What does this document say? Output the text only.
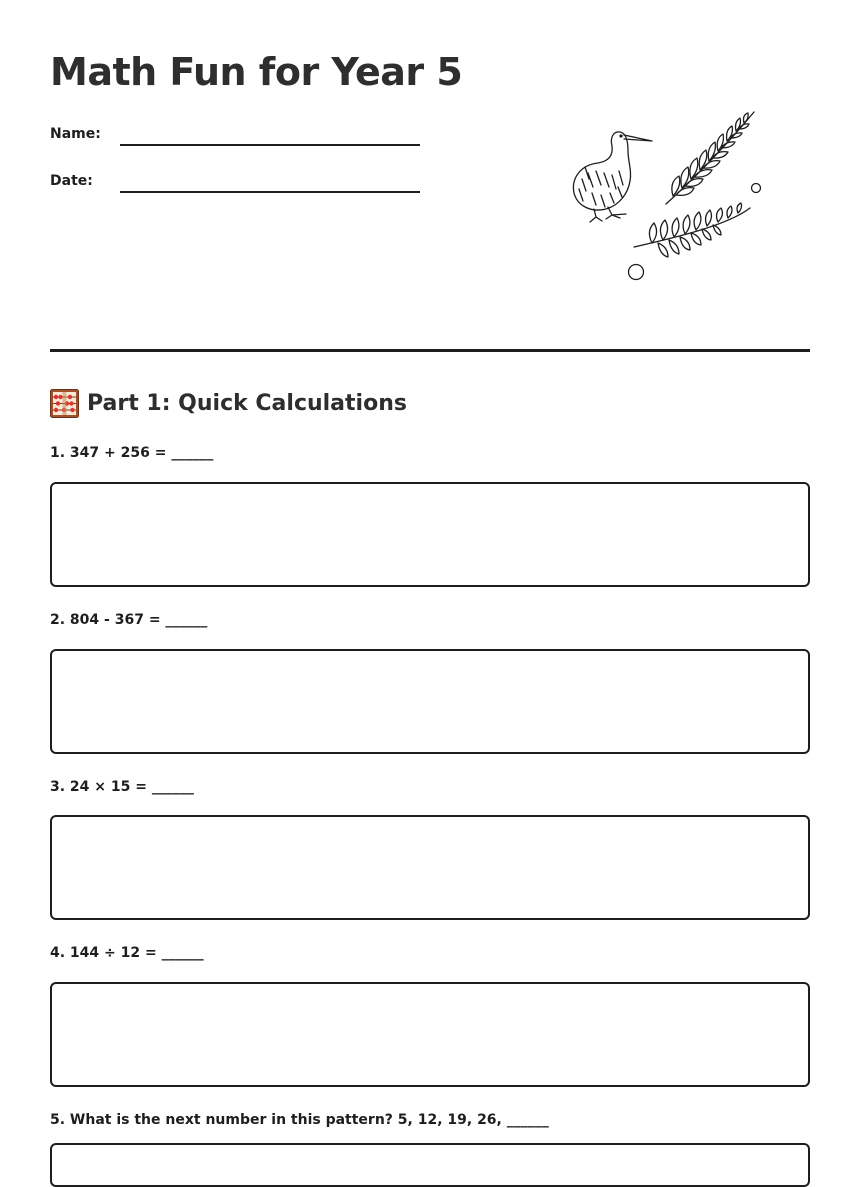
Math Fun for Year 5
Name:
Date:
Part 1: Quick Calculations
1. 347 + 256 = ______
2. 804 - 367 = ______
3. 24 × 15 = ______
4. 144 ÷ 12 = ______
5. What is the next number in this pattern? 5, 12, 19, 26, ______
